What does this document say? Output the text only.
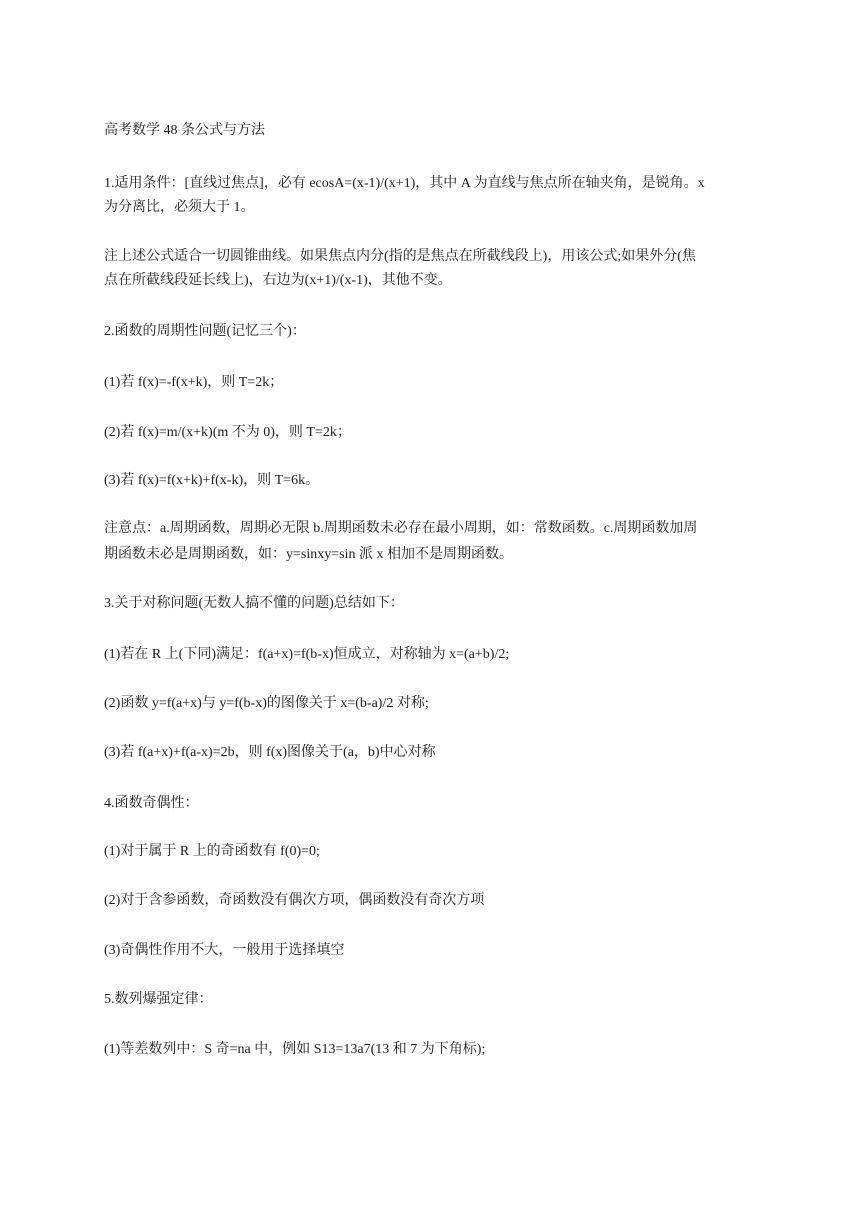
高考数学 48 条公式与方法

1.适用条件：[直线过焦点]，必有 ecosA=(x-1)/(x+1)，其中 A 为直线与焦点所在轴夹角，是锐角。x

为分离比，必须大于 1。

注上述公式适合一切圆锥曲线。如果焦点内分(指的是焦点在所截线段上)，用该公式;如果外分(焦

点在所截线段延长线上)，右边为(x+1)/(x-1)，其他不变。

2.函数的周期性问题(记忆三个)：

(1)若 f(x)=-f(x+k)，则 T=2k；

(2)若 f(x)=m/(x+k)(m 不为 0)，则 T=2k；

(3)若 f(x)=f(x+k)+f(x-k)，则 T=6k。

注意点：a.周期函数，周期必无限 b.周期函数未必存在最小周期，如：常数函数。c.周期函数加周

期函数未必是周期函数，如：y=sinxy=sin 派 x 相加不是周期函数。

3.关于对称问题(无数人搞不懂的问题)总结如下：

(1)若在 R 上(下同)满足：f(a+x)=f(b-x)恒成立，对称轴为 x=(a+b)/2;

(2)函数 y=f(a+x)与 y=f(b-x)的图像关于 x=(b-a)/2 对称;

(3)若 f(a+x)+f(a-x)=2b，则 f(x)图像关于(a，b)中心对称

4.函数奇偶性：

(1)对于属于 R 上的奇函数有 f(0)=0;

(2)对于含参函数，奇函数没有偶次方项，偶函数没有奇次方项

(3)奇偶性作用不大，一般用于选择填空

5.数列爆强定律：

(1)等差数列中：S 奇=na 中，例如 S13=13a7(13 和 7 为下角标);
